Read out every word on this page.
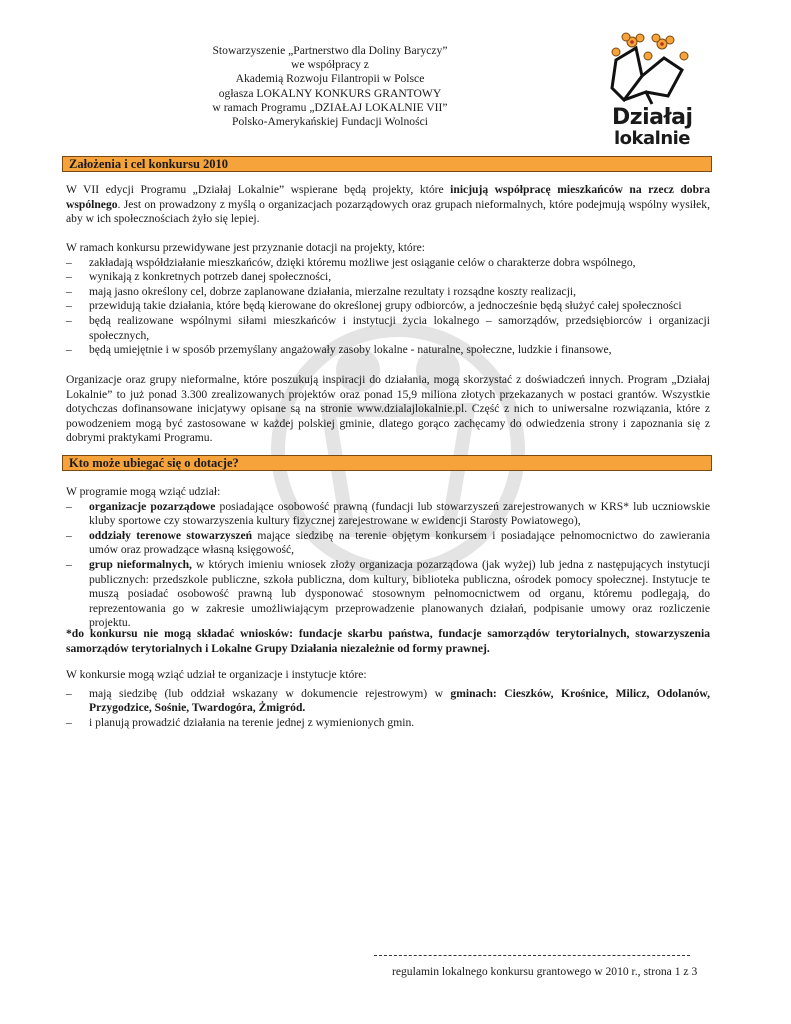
Stowarzyszenie „Partnerstwo dla Doliny Baryczy”
we współpracy z
Akademią Rozwoju Filantropii w Polsce
ogłasza LOKALNY KONKURS GRANTOWY
w ramach Programu „DZIAŁAJ LOKALNIE VII”
Polsko-Amerykańskiej Fundacji Wolności	Działaj
lokalnie
Założenia i cel konkursu 2010

W VII edycji Programu „Działaj Lokalnie” wspierane będą projekty, które inicjują współpracę mieszkańców na rzecz dobra wspólnego. Jest on prowadzony z myślą o organizacjach pozarządowych oraz grupach nieformalnych, które podejmują wspólny wysiłek, aby w ich społecznościach żyło się lepiej.

W ramach konkursu przewidywane jest przyznanie dotacji na projekty, które:

– zakładają współdziałanie mieszkańców, dzięki któremu możliwe jest osiąganie celów o charakterze dobra wspólnego,
– wynikają z konkretnych potrzeb danej społeczności,
– mają jasno określony cel, dobrze zaplanowane działania, mierzalne rezultaty i rozsądne koszty realizacji,
– przewidują takie działania, które będą kierowane do określonej grupy odbiorców, a jednocześnie będą służyć całej społeczności
– będą realizowane wspólnymi siłami mieszkańców i instytucji życia lokalnego – samorządów, przedsiębiorców i organizacji społecznych,
– będą umiejętnie i w sposób przemyślany angażowały zasoby lokalne - naturalne, społeczne, ludzkie i finansowe,

Organizacje oraz grupy nieformalne, które poszukują inspiracji do działania, mogą skorzystać z doświadczeń innych. Program „Działaj Lokalnie” to już ponad 3.300 zrealizowanych projektów oraz ponad 15,9 miliona złotych przekazanych w postaci grantów. Wszystkie dotychczas dofinansowane inicjatywy opisane są na stronie www.dzialajlokalnie.pl. Część z nich to uniwersalne rozwiązania, które z powodzeniem mogą być zastosowane w każdej polskiej gminie, dlatego gorąco zachęcamy do odwiedzenia strony i zapoznania się z dobrymi praktykami Programu.

Kto może ubiegać się o dotacje?

W programie mogą wziąć udział:

– organizacje pozarządowe posiadające osobowość prawną (fundacji lub stowarzyszeń zarejestrowanych w KRS* lub uczniowskie kluby sportowe czy stowarzyszenia kultury fizycznej zarejestrowane w ewidencji Starosty Powiatowego),
– oddziały terenowe stowarzyszeń mające siedzibę na terenie objętym konkursem i posiadające pełnomocnictwo do zawierania umów oraz prowadzące własną księgowość,
– grup nieformalnych, w których imieniu wniosek złoży organizacja pozarządowa (jak wyżej) lub jedna z następujących instytucji publicznych: przedszkole publiczne, szkoła publiczna, dom kultury, biblioteka publiczna, ośrodek pomocy społecznej. Instytucje te muszą posiadać osobowość prawną lub dysponować stosownym pełnomocnictwem od organu, któremu podlegają, do reprezentowania go w zakresie umożliwiającym przeprowadzenie planowanych działań, podpisanie umowy oraz rozliczenie projektu.

*do konkursu nie mogą składać wniosków: fundacje skarbu państwa, fundacje samorządów terytorialnych, stowarzyszenia samorządów terytorialnych i Lokalne Grupy Działania niezależnie od formy prawnej.

W konkursie mogą wziąć udział te organizacje i instytucje które:

– mają siedzibę (lub oddział wskazany w dokumencie rejestrowym) w gminach: Cieszków, Krośnice, Milicz, Odolanów, Przygodzice, Sośnie, Twardogóra, Żmigród.
– i planują prowadzić działania na terenie jednej z wymienionych gmin.
regulamin lokalnego konkursu grantowego w 2010 r., strona 1 z 3
